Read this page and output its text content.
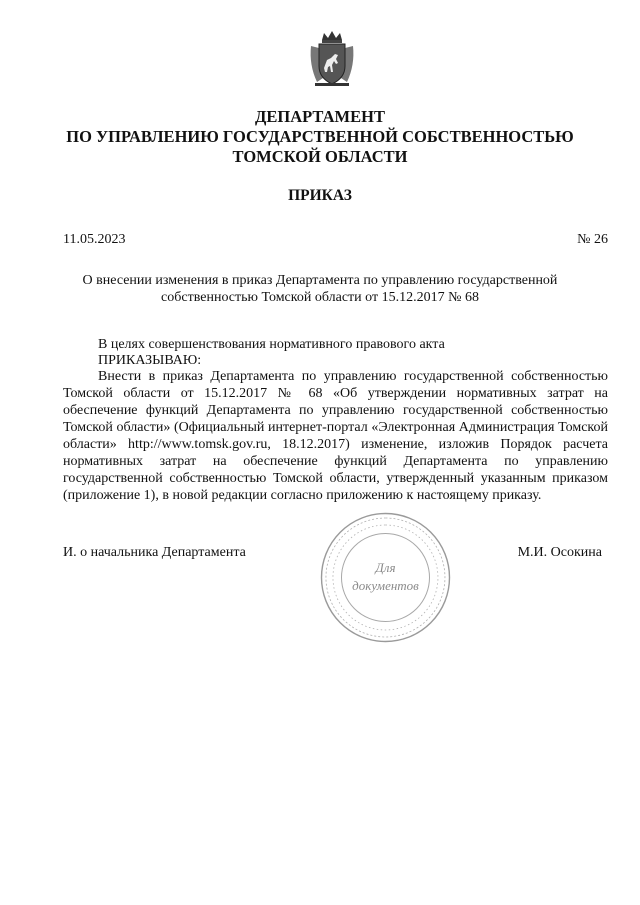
ДЕПАРТАМЕНТ
ПО УПРАВЛЕНИЮ ГОСУДАРСТВЕННОЙ СОБСТВЕННОСТЬЮ
ТОМСКОЙ ОБЛАСТИ
ПРИКАЗ
11.05.2023	№ 26
О внесении изменения в приказ Департамента по управлению государственной собственностью Томской области от 15.12.2017 № 68
В целях совершенствования нормативного правового акта
ПРИКАЗЫВАЮ:

Внести в приказ Департамента по управлению государственной собственностью Томской области от 15.12.2017 № 68 «Об утверждении нормативных затрат на обеспечение функций Департамента по управлению государственной собственностью Томской области» (Официальный интернет-портал «Электронная Администрация Томской области» http://www.tomsk.gov.ru, 18.12.2017) изменение, изложив Порядок расчета нормативных затрат на обеспечение функций Департамента по управлению государственной собственностью Томской области, утвержденный указанным приказом (приложение 1), в новой редакции согласно приложению к настоящему приказу.

И. о начальника Департамента	М.И. Осокина
Для
документов
